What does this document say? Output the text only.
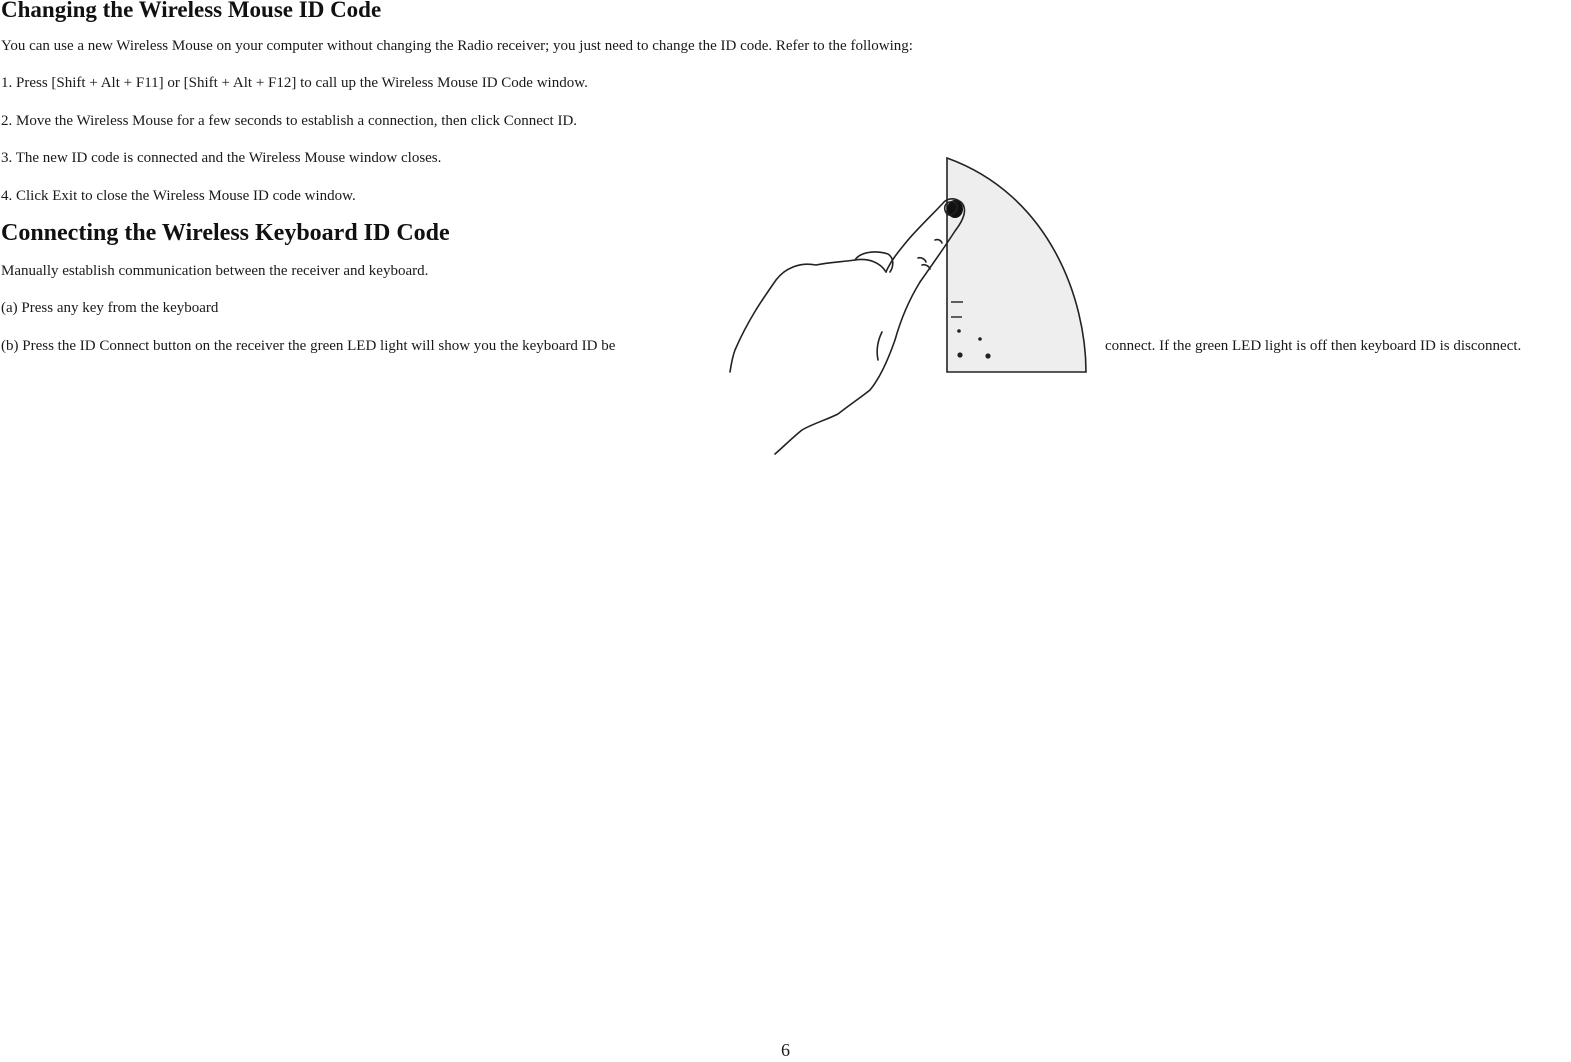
Changing the Wireless Mouse ID Code

You can use a new Wireless Mouse on your computer without changing the Radio receiver; you just need to change the ID code. Refer to the following:

1. Press [Shift + Alt + F11] or [Shift + Alt + F12] to call up the Wireless Mouse ID Code window.

2. Move the Wireless Mouse for a few seconds to establish a connection, then click Connect ID.

3. The new ID code is connected and the Wireless Mouse window closes.

4. Click Exit to close the Wireless Mouse ID code window.

Connecting the Wireless Keyboard ID Code

Manually establish communication between the receiver and keyboard.

(a) Press any key from the keyboard

(b) Press the ID Connect button on the receiver the green LED light will show you the keyboard ID be	connect. If the green LED light is off then keyboard ID is disconnect.

6
